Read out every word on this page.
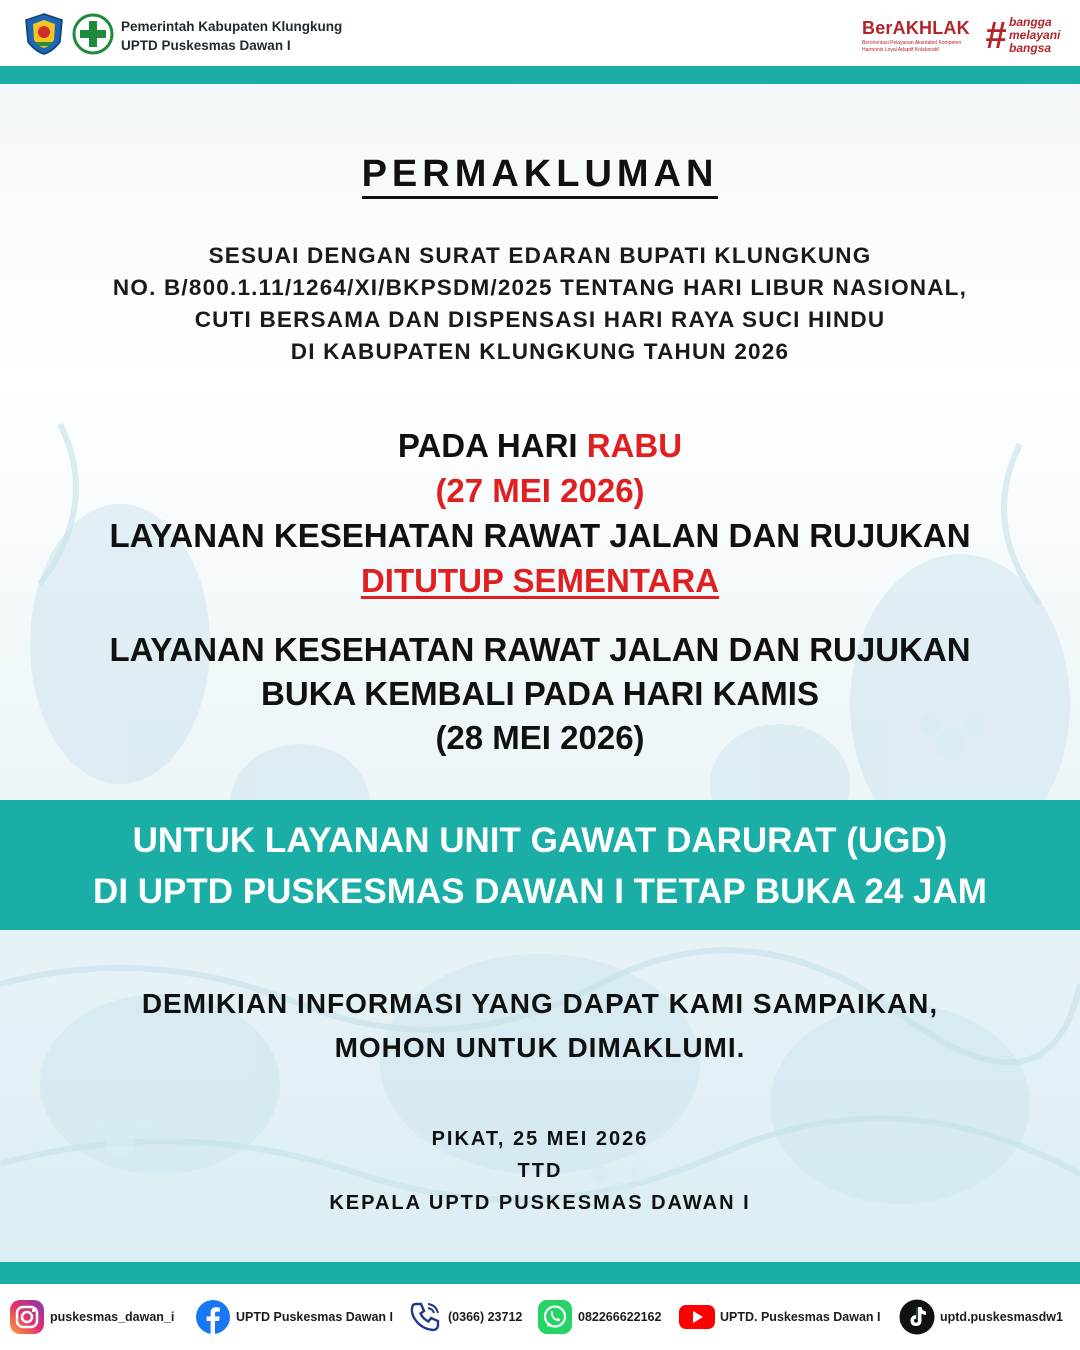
Pemerintah Kabupaten Klungkung
UPTD Puskesmas Dawan I
BerAKHLAK
Berorientasi Pelayanan Akuntabel Kompeten
Harmonis Loyal Adaptif Kolaboratif	# bangga
melayani
bangsa
PERMAKLUMAN
SESUAI DENGAN SURAT EDARAN BUPATI KLUNGKUNG
NO. B/800.1.11/1264/XI/BKPSDM/2025 TENTANG HARI LIBUR NASIONAL,
CUTI BERSAMA DAN DISPENSASI HARI RAYA SUCI HINDU
DI KABUPATEN KLUNGKUNG TAHUN 2026
PADA HARI RABU
(27 MEI 2026)
LAYANAN KESEHATAN RAWAT JALAN DAN RUJUKAN
DITUTUP SEMENTARA
LAYANAN KESEHATAN RAWAT JALAN DAN RUJUKAN
BUKA KEMBALI PADA HARI KAMIS
(28 MEI 2026)
UNTUK LAYANAN UNIT GAWAT DARURAT (UGD)
DI UPTD PUSKESMAS DAWAN I TETAP BUKA 24 JAM
DEMIKIAN INFORMASI YANG DAPAT KAMI SAMPAIKAN,
MOHON UNTUK DIMAKLUMI.
PIKAT, 25 MEI 2026
TTD
KEPALA UPTD PUSKESMAS DAWAN I
puskesmas_dawan_i	UPTD Puskesmas Dawan I	(0366) 23712	082266622162	UPTD. Puskesmas Dawan I	uptd.puskesmasdw1
